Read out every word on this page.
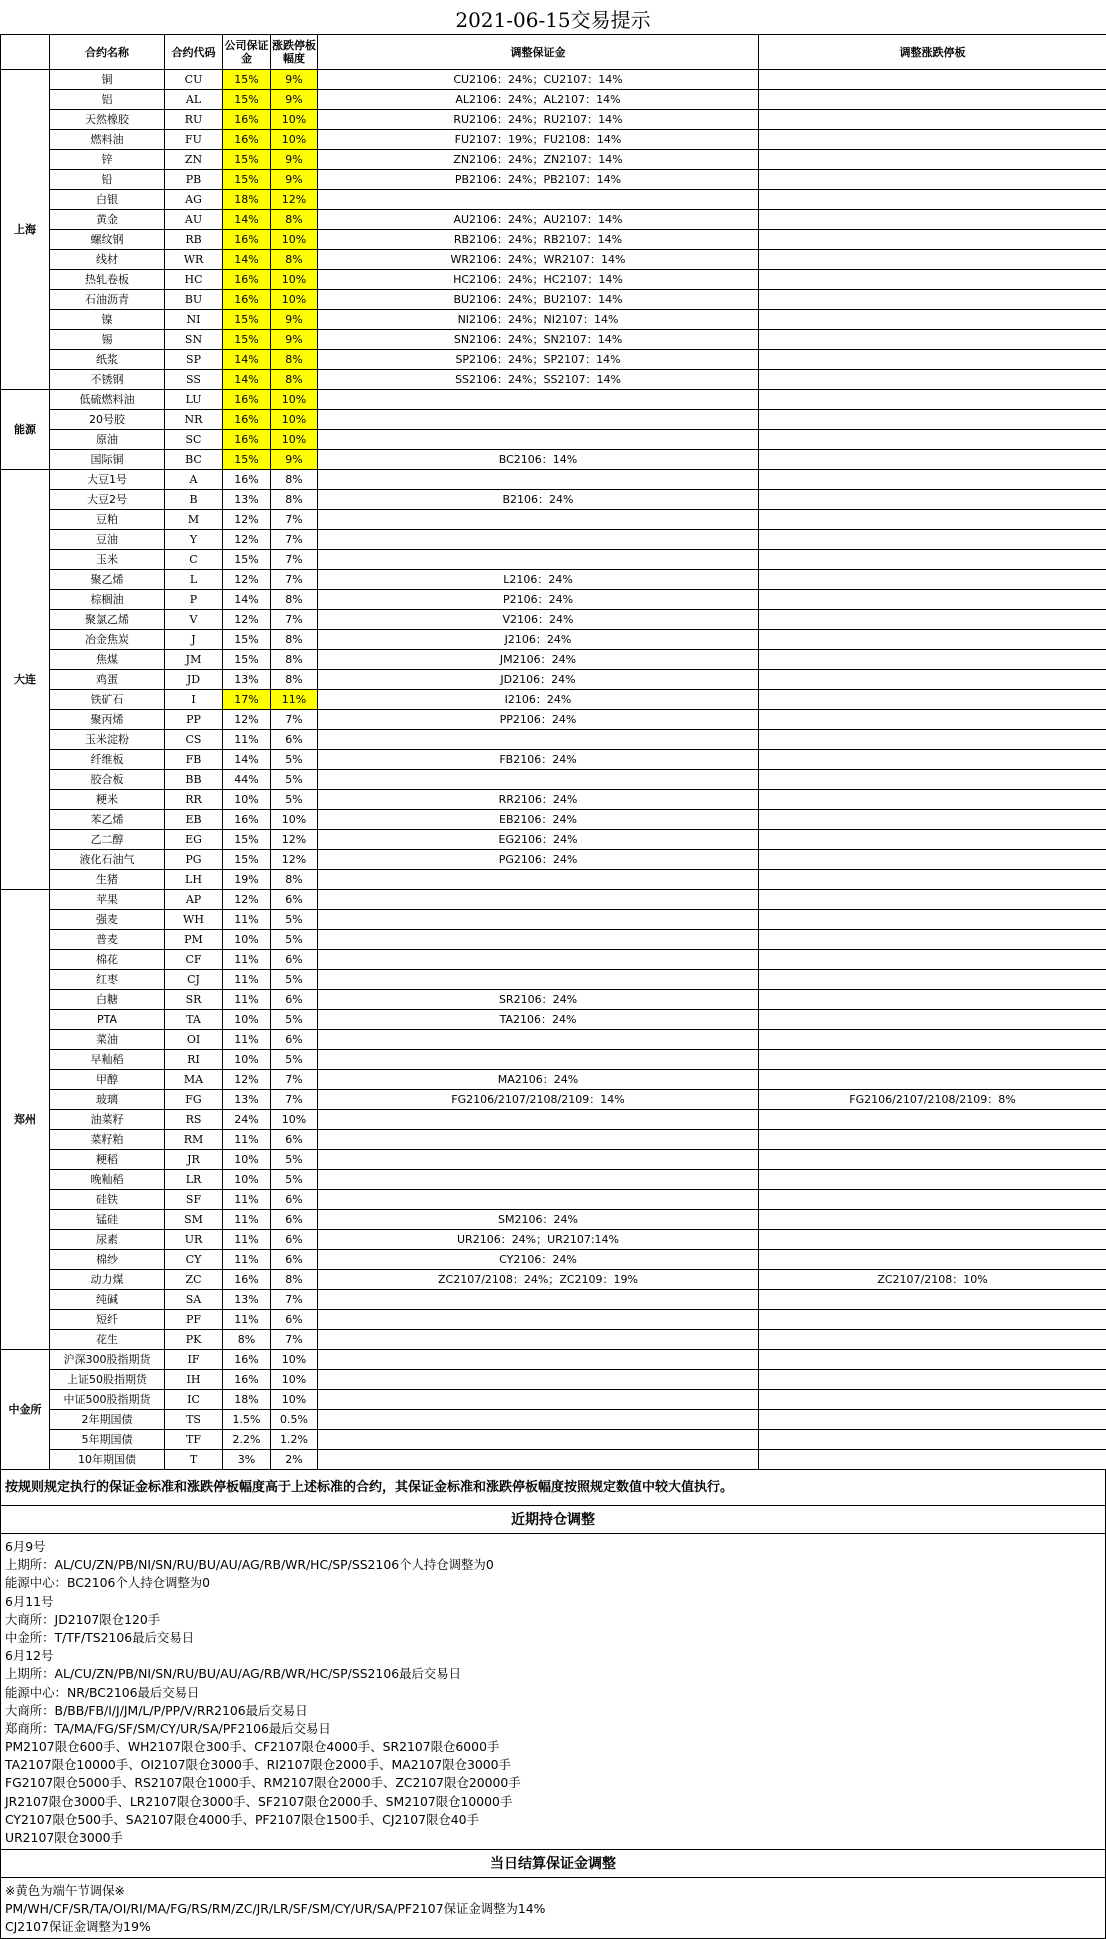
2021-06-15交易提示
	合约名称	合约代码	公司保证金	涨跌停板幅度	调整保证金	调整涨跌停板
上海	铜	CU	15%	9%	CU2106：24%；CU2107：14%	
	铝	AL	15%	9%	AL2106：24%；AL2107：14%	
	天然橡胶	RU	16%	10%	RU2106：24%；RU2107：14%	
	燃料油	FU	16%	10%	FU2107：19%；FU2108：14%	
	锌	ZN	15%	9%	ZN2106：24%；ZN2107：14%	
	铅	PB	15%	9%	PB2106：24%；PB2107：14%	
	白银	AG	18%	12%		
	黄金	AU	14%	8%	AU2106：24%；AU2107：14%	
	螺纹钢	RB	16%	10%	RB2106：24%；RB2107：14%	
	线材	WR	14%	8%	WR2106：24%；WR2107：14%	
	热轧卷板	HC	16%	10%	HC2106：24%；HC2107：14%	
	石油沥青	BU	16%	10%	BU2106：24%；BU2107：14%	
	镍	NI	15%	9%	NI2106：24%；NI2107：14%	
	锡	SN	15%	9%	SN2106：24%；SN2107：14%	
	纸浆	SP	14%	8%	SP2106：24%；SP2107：14%	
	不锈钢	SS	14%	8%	SS2106：24%；SS2107：14%	
能源	低硫燃料油	LU	16%	10%		
	20号胶	NR	16%	10%		
	原油	SC	16%	10%		
	国际铜	BC	15%	9%	BC2106：14%	
大连	大豆1号	A	16%	8%		
	大豆2号	B	13%	8%	B2106：24%	
	豆粕	M	12%	7%		
	豆油	Y	12%	7%		
	玉米	C	15%	7%		
	聚乙烯	L	12%	7%	L2106：24%	
	棕榈油	P	14%	8%	P2106：24%	
	聚氯乙烯	V	12%	7%	V2106：24%	
	冶金焦炭	J	15%	8%	J2106：24%	
	焦煤	JM	15%	8%	JM2106：24%	
	鸡蛋	JD	13%	8%	JD2106：24%	
	铁矿石	I	17%	11%	I2106：24%	
	聚丙烯	PP	12%	7%	PP2106：24%	
	玉米淀粉	CS	11%	6%		
	纤维板	FB	14%	5%	FB2106：24%	
	胶合板	BB	44%	5%		
	粳米	RR	10%	5%	RR2106：24%	
	苯乙烯	EB	16%	10%	EB2106：24%	
	乙二醇	EG	15%	12%	EG2106：24%	
	液化石油气	PG	15%	12%	PG2106：24%	
	生猪	LH	19%	8%		
郑州	苹果	AP	12%	6%		
	强麦	WH	11%	5%		
	普麦	PM	10%	5%		
	棉花	CF	11%	6%		
	红枣	CJ	11%	5%		
	白糖	SR	11%	6%	SR2106：24%	
	PTA	TA	10%	5%	TA2106：24%	
	菜油	OI	11%	6%		
	早籼稻	RI	10%	5%		
	甲醇	MA	12%	7%	MA2106：24%	
	玻璃	FG	13%	7%	FG2106/2107/2108/2109：14%	FG2106/2107/2108/2109：8%
	油菜籽	RS	24%	10%		
	菜籽粕	RM	11%	6%		
	粳稻	JR	10%	5%		
	晚籼稻	LR	10%	5%		
	硅铁	SF	11%	6%		
	锰硅	SM	11%	6%	SM2106：24%	
	尿素	UR	11%	6%	UR2106：24%；UR2107:14%	
	棉纱	CY	11%	6%	CY2106：24%	
	动力煤	ZC	16%	8%	ZC2107/2108：24%；ZC2109：19%	ZC2107/2108：10%
	纯碱	SA	13%	7%		
	短纤	PF	11%	6%		
	花生	PK	8%	7%		
中金所	沪深300股指期货	IF	16%	10%		
	上证50股指期货	IH	16%	10%		
	中证500股指期货	IC	18%	10%		
	2年期国债	TS	1.5%	0.5%		
	5年期国债	TF	2.2%	1.2%		
	10年期国债	T	3%	2%		
按规则规定执行的保证金标准和涨跌停板幅度高于上述标准的合约，其保证金标准和涨跌停板幅度按照规定数值中较大值执行。
近期持仓调整
6月9号
上期所：AL/CU/ZN/PB/NI/SN/RU/BU/AU/AG/RB/WR/HC/SP/SS2106个人持仓调整为0
能源中心：BC2106个人持仓调整为0
6月11号
大商所：JD2107限仓120手
中金所：T/TF/TS2106最后交易日
6月12号
上期所：AL/CU/ZN/PB/NI/SN/RU/BU/AU/AG/RB/WR/HC/SP/SS2106最后交易日
能源中心：NR/BC2106最后交易日
大商所：B/BB/FB/I/J/JM/L/P/PP/V/RR2106最后交易日
郑商所：TA/MA/FG/SF/SM/CY/UR/SA/PF2106最后交易日
PM2107限仓600手、WH2107限仓300手、CF2107限仓4000手、SR2107限仓6000手
TA2107限仓10000手、OI2107限仓3000手、RI2107限仓2000手、MA2107限仓3000手
FG2107限仓5000手、RS2107限仓1000手、RM2107限仓2000手、ZC2107限仓20000手
JR2107限仓3000手、LR2107限仓3000手、SF2107限仓2000手、SM2107限仓10000手
CY2107限仓500手、SA2107限仓4000手、PF2107限仓1500手、CJ2107限仓40手
UR2107限仓3000手
当日结算保证金调整
※黄色为端午节调保※
PM/WH/CF/SR/TA/OI/RI/MA/FG/RS/RM/ZC/JR/LR/SF/SM/CY/UR/SA/PF2107保证金调整为14%
CJ2107保证金调整为19%
